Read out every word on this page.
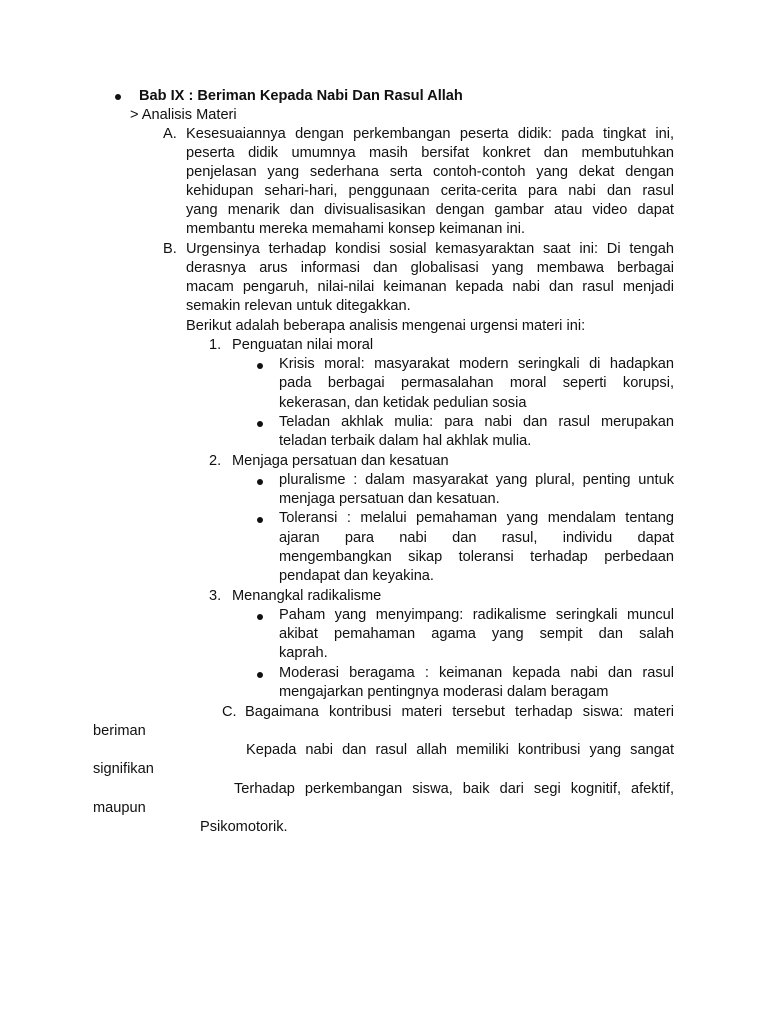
Bab IX : Beriman Kepada Nabi Dan Rasul Allah
> Analisis Materi
A. Kesesuaiannya dengan perkembangan peserta didik: pada tingkat ini,
peserta didik umumnya masih bersifat konkret dan membutuhkan
penjelasan yang sederhana serta contoh-contoh yang dekat dengan
kehidupan sehari-hari, penggunaan cerita-cerita para nabi dan rasul
yang menarik dan divisualisasikan dengan gambar atau video dapat
membantu mereka memahami konsep keimanan ini.
B. Urgensinya terhadap kondisi sosial kemasyaraktan saat ini: Di tengah
derasnya arus informasi dan globalisasi yang membawa berbagai
macam pengaruh, nilai-nilai keimanan kepada nabi dan rasul menjadi
semakin relevan untuk ditegakkan.
Berikut adalah beberapa analisis mengenai urgensi materi ini:
1. Penguatan nilai moral
Krisis moral: masyarakat modern seringkali di hadapkan
pada berbagai permasalahan moral seperti korupsi,
kekerasan, dan ketidak pedulian sosia
Teladan akhlak mulia: para nabi dan rasul merupakan
teladan terbaik dalam hal akhlak mulia.
2. Menjaga persatuan dan kesatuan
pluralisme : dalam masyarakat yang plural, penting untuk
menjaga persatuan dan kesatuan.
Toleransi : melalui pemahaman yang mendalam tentang
ajaran para nabi dan rasul, individu dapat
mengembangkan sikap toleransi terhadap perbedaan
pendapat dan keyakina.
3. Menangkal radikalisme
Paham yang menyimpang: radikalisme seringkali muncul
akibat pemahaman agama yang sempit dan salah
kaprah.
Moderasi beragama : keimanan kepada nabi dan rasul
mengajarkan pentingnya moderasi dalam beragam
C. Bagaimana kontribusi materi tersebut terhadap siswa: materi
beriman
Kepada nabi dan rasul allah memiliki kontribusi yang sangat
signifikan
Terhadap perkembangan siswa, baik dari segi kognitif, afektif,
maupun
Psikomotorik.
